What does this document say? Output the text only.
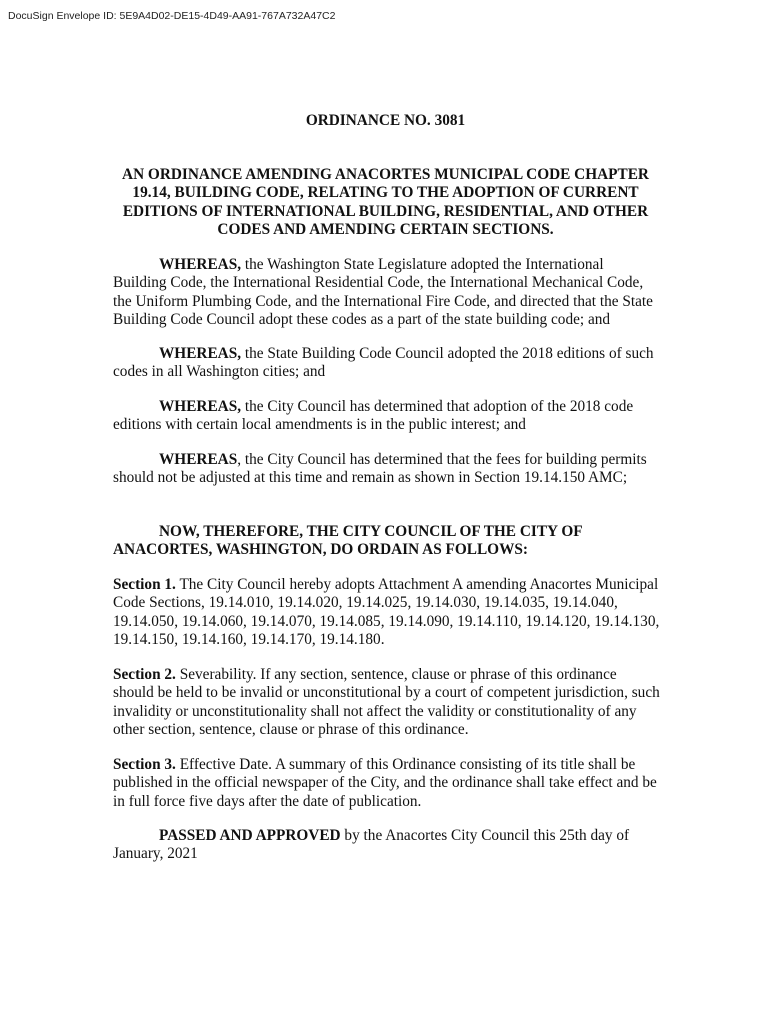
DocuSign Envelope ID: 5E9A4D02-DE15-4D49-AA91-767A732A47C2
ORDINANCE NO. 3081
AN ORDINANCE AMENDING ANACORTES MUNICIPAL CODE CHAPTER 19.14, BUILDING CODE, RELATING TO THE ADOPTION OF CURRENT EDITIONS OF INTERNATIONAL BUILDING, RESIDENTIAL, AND OTHER CODES AND AMENDING CERTAIN SECTIONS.

WHEREAS, the Washington State Legislature adopted the International Building Code, the International Residential Code, the International Mechanical Code, the Uniform Plumbing Code, and the International Fire Code, and directed that the State Building Code Council adopt these codes as a part of the state building code; and

WHEREAS, the State Building Code Council adopted the 2018 editions of such codes in all Washington cities; and

WHEREAS, the City Council has determined that adoption of the 2018 code editions with certain local amendments is in the public interest; and

WHEREAS, the City Council has determined that the fees for building permits should not be adjusted at this time and remain as shown in Section 19.14.150 AMC;

NOW, THEREFORE, THE CITY COUNCIL OF THE CITY OF ANACORTES, WASHINGTON, DO ORDAIN AS FOLLOWS:

Section 1. The City Council hereby adopts Attachment A amending Anacortes Municipal Code Sections, 19.14.010, 19.14.020, 19.14.025, 19.14.030, 19.14.035, 19.14.040, 19.14.050, 19.14.060, 19.14.070, 19.14.085, 19.14.090, 19.14.110, 19.14.120, 19.14.130, 19.14.150, 19.14.160, 19.14.170, 19.14.180.

Section 2. Severability. If any section, sentence, clause or phrase of this ordinance should be held to be invalid or unconstitutional by a court of competent jurisdiction, such invalidity or unconstitutionality shall not affect the validity or constitutionality of any other section, sentence, clause or phrase of this ordinance.

Section 3. Effective Date. A summary of this Ordinance consisting of its title shall be published in the official newspaper of the City, and the ordinance shall take effect and be in full force five days after the date of publication.

PASSED AND APPROVED by the Anacortes City Council this 25th day of January, 2021
